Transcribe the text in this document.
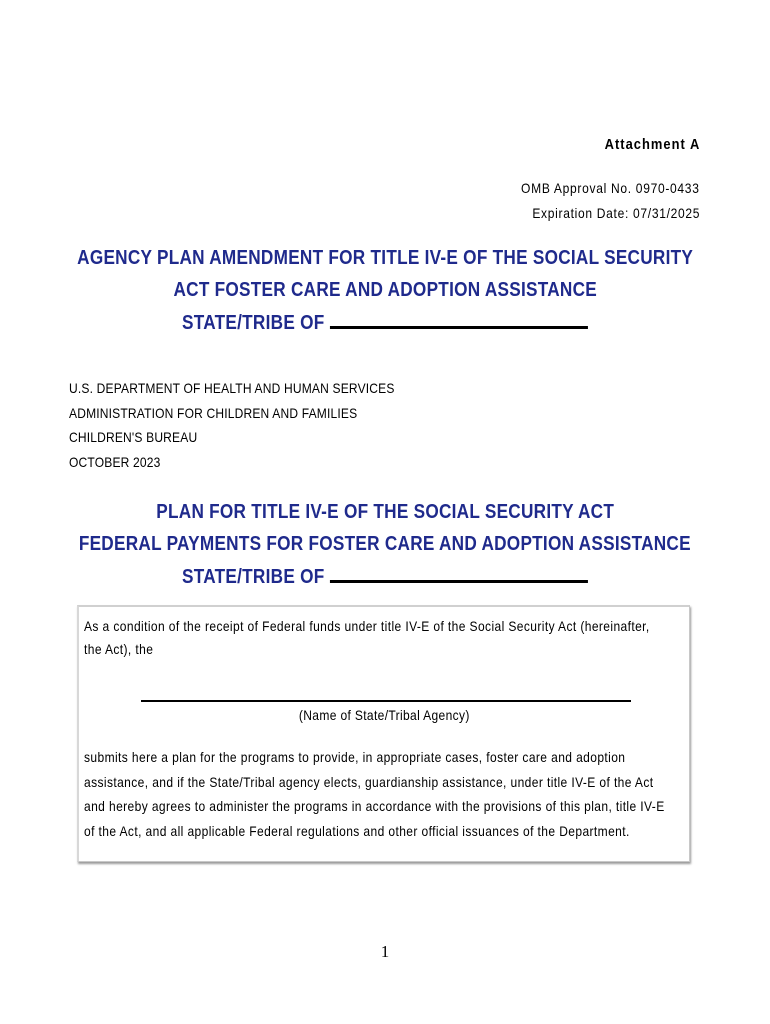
Attachment A
OMB Approval No. 0970-0433
Expiration Date: 07/31/2025
AGENCY PLAN AMENDMENT FOR TITLE IV-E OF THE SOCIAL SECURITY
ACT FOSTER CARE AND ADOPTION ASSISTANCE
STATE/TRIBE OF
U.S. DEPARTMENT OF HEALTH AND HUMAN SERVICES
ADMINISTRATION FOR CHILDREN AND FAMILIES
CHILDREN'S BUREAU
OCTOBER 2023
PLAN FOR TITLE IV-E OF THE SOCIAL SECURITY ACT
FEDERAL PAYMENTS FOR FOSTER CARE AND ADOPTION ASSISTANCE
STATE/TRIBE OF
As a condition of the receipt of Federal funds under title IV-E of the Social Security Act (hereinafter,
the Act), the
(Name of State/Tribal Agency)
submits here a plan for the programs to provide, in appropriate cases, foster care and adoption
assistance, and if the State/Tribal agency elects, guardianship assistance, under title IV-E of the Act
and hereby agrees to administer the programs in accordance with the provisions of this plan, title IV-E
of the Act, and all applicable Federal regulations and other official issuances of the Department.
1
